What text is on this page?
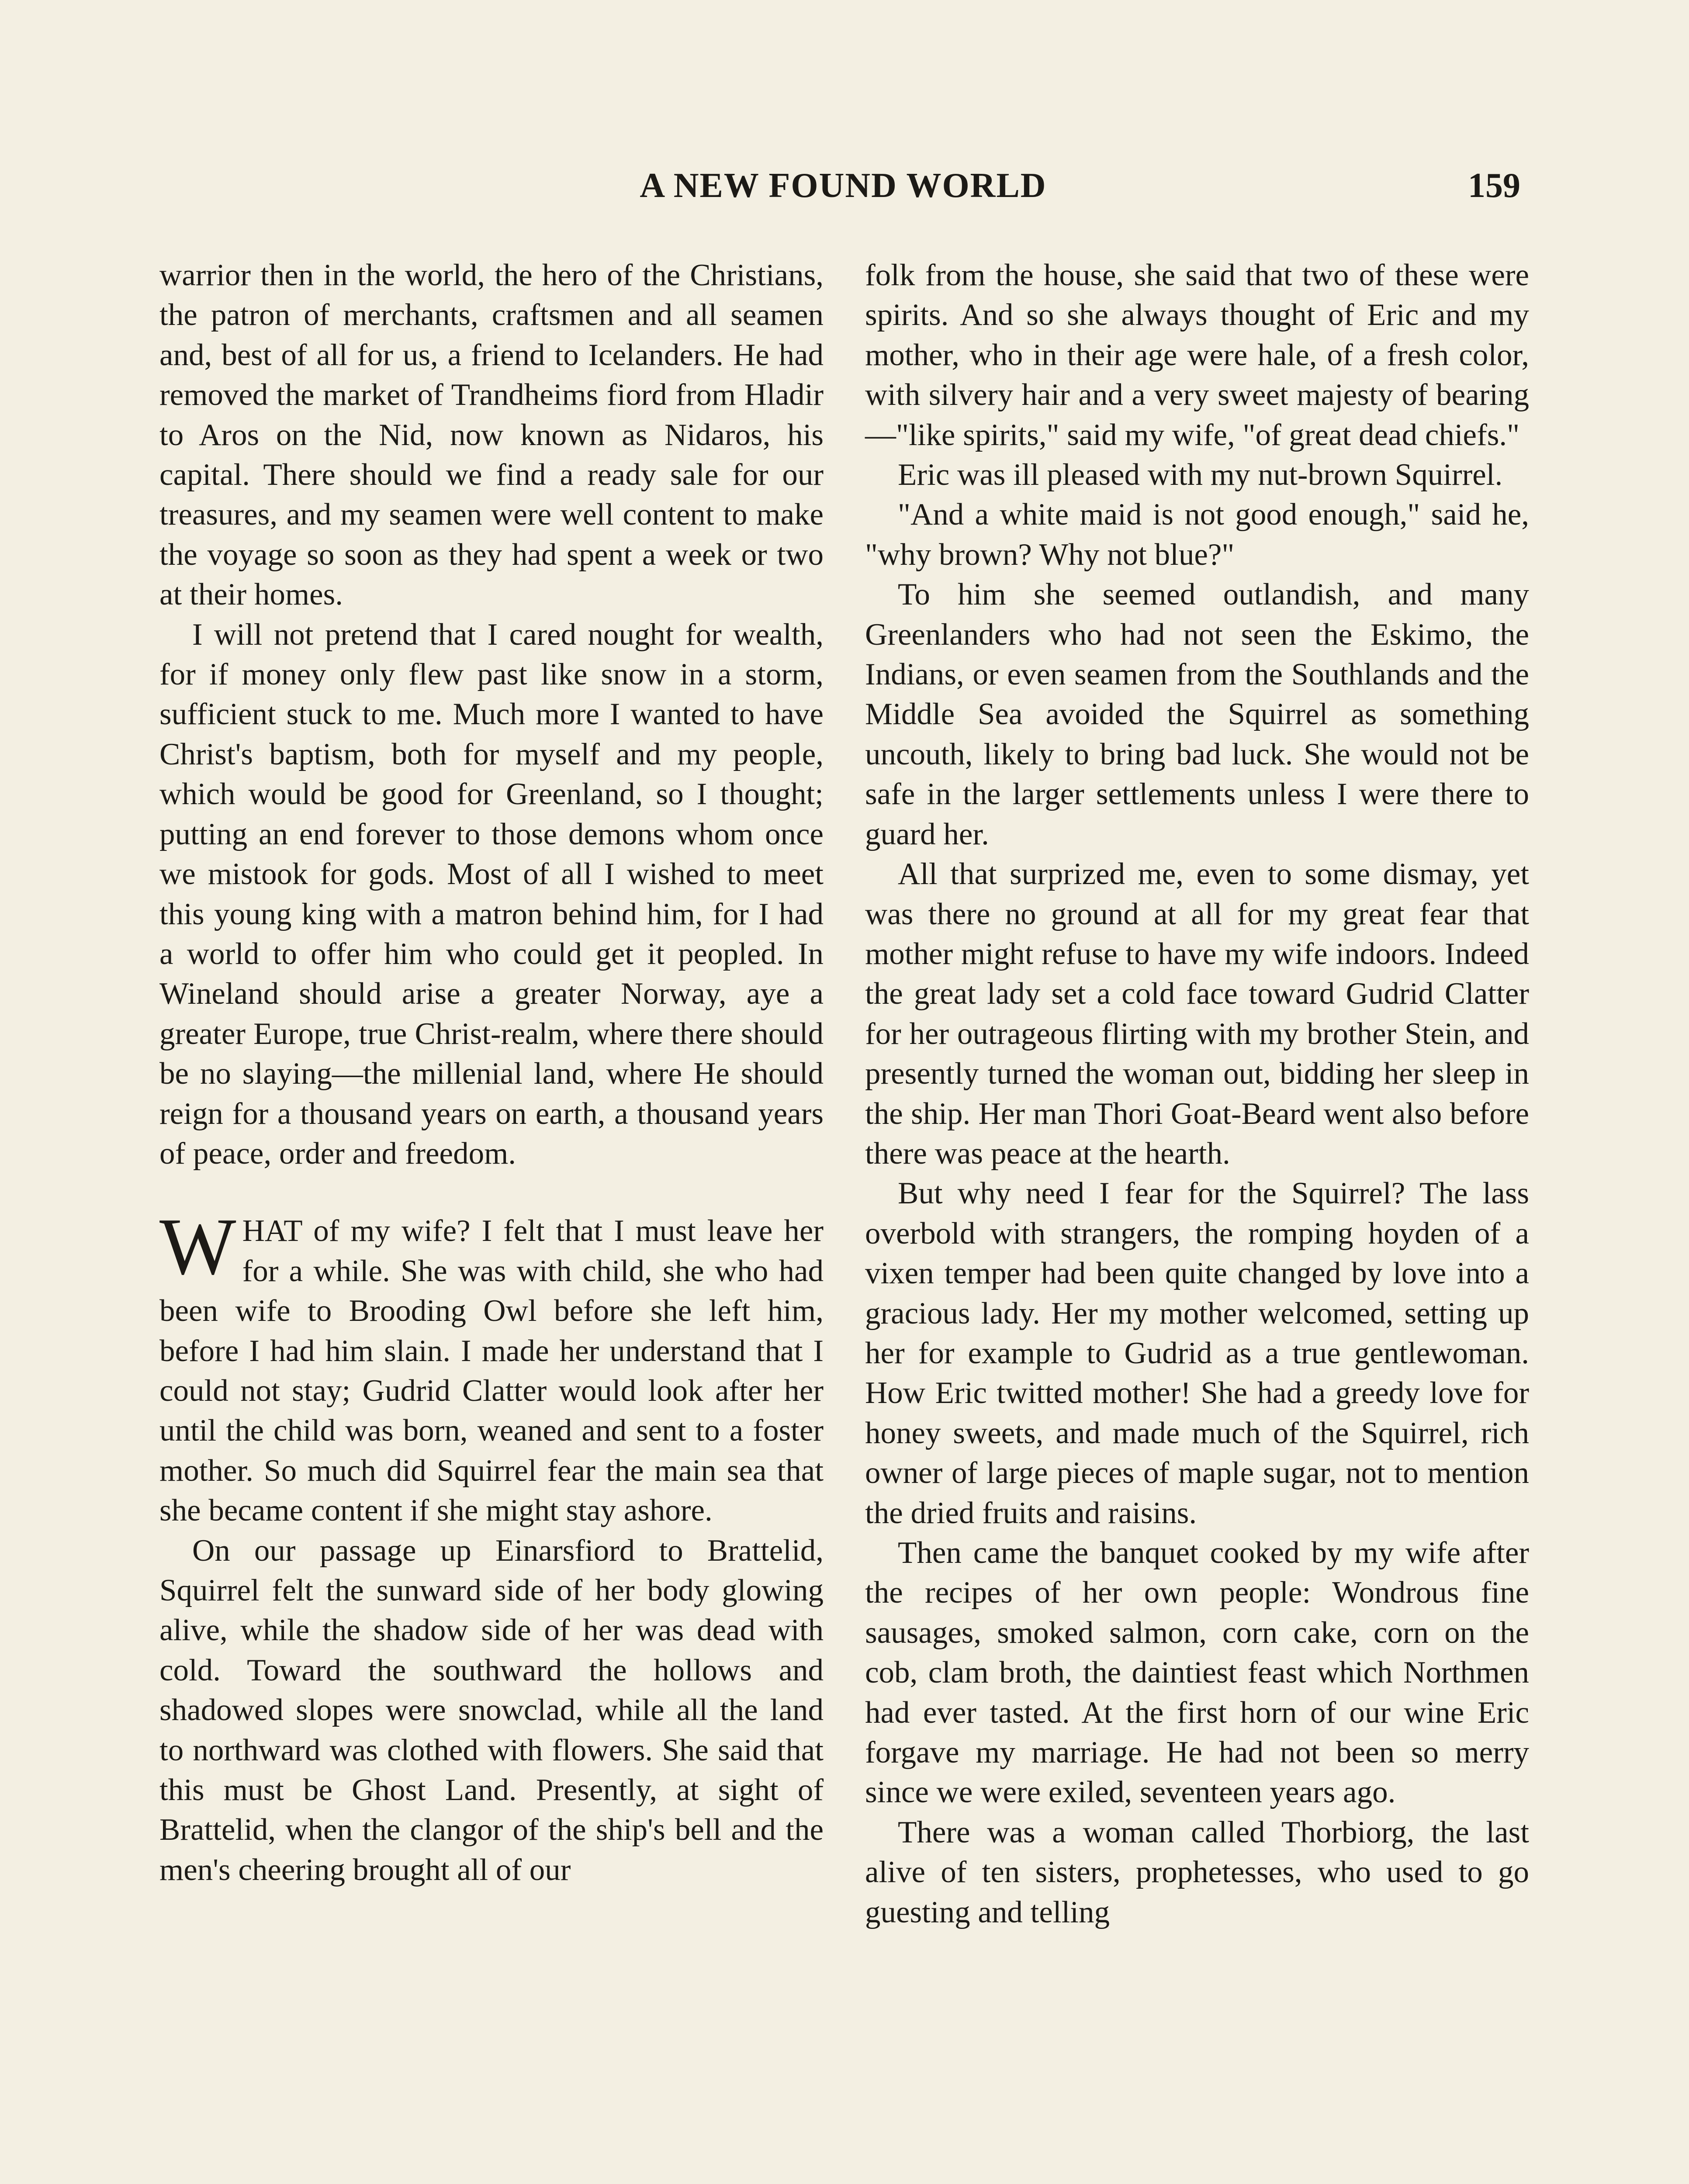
A NEW FOUND WORLD	159

warrior then in the world, the hero of the Christians, the patron of merchants, craftsmen and all seamen and, best of all for us, a friend to Icelanders. He had removed the market of Trandheims fiord from Hladir to Aros on the Nid, now known as Nidaros, his capital. There should we find a ready sale for our treasures, and my seamen were well content to make the voyage so soon as they had spent a week or two at their homes.

I will not pretend that I cared nought for wealth, for if money only flew past like snow in a storm, sufficient stuck to me. Much more I wanted to have Christ's baptism, both for myself and my people, which would be good for Greenland, so I thought; putting an end forever to those demons whom once we mistook for gods. Most of all I wished to meet this young king with a matron behind him, for I had a world to offer him who could get it peopled. In Wineland should arise a greater Norway, aye a greater Europe, true Christ-realm, where there should be no slaying—the millenial land, where He should reign for a thousand years on earth, a thousand years of peace, order and freedom.

WHAT of my wife? I felt that I must leave her for a while. She was with child, she who had been wife to Brooding Owl before she left him, before I had him slain. I made her understand that I could not stay; Gudrid Clatter would look after her until the child was born, weaned and sent to a foster mother. So much did Squirrel fear the main sea that she became content if she might stay ashore.

On our passage up Einarsfiord to Brattelid, Squirrel felt the sunward side of her body glowing alive, while the shadow side of her was dead with cold. Toward the southward the hollows and shadowed slopes were snowclad, while all the land to northward was clothed with flowers. She said that this must be Ghost Land. Presently, at sight of Brattelid, when the clangor of the ship's bell and the men's cheering brought all of our

folk from the house, she said that two of these were spirits. And so she always thought of Eric and my mother, who in their age were hale, of a fresh color, with silvery hair and a very sweet majesty of bearing—"like spirits," said my wife, "of great dead chiefs."

Eric was ill pleased with my nut-brown Squirrel.

"And a white maid is not good enough," said he, "why brown? Why not blue?"

To him she seemed outlandish, and many Greenlanders who had not seen the Eskimo, the Indians, or even seamen from the Southlands and the Middle Sea avoided the Squirrel as something uncouth, likely to bring bad luck. She would not be safe in the larger settlements unless I were there to guard her.

All that surprized me, even to some dismay, yet was there no ground at all for my great fear that mother might refuse to have my wife indoors. Indeed the great lady set a cold face toward Gudrid Clatter for her outrageous flirting with my brother Stein, and presently turned the woman out, bidding her sleep in the ship. Her man Thori Goat-Beard went also before there was peace at the hearth.

But why need I fear for the Squirrel? The lass overbold with strangers, the romping hoyden of a vixen temper had been quite changed by love into a gracious lady. Her my mother welcomed, setting up her for example to Gudrid as a true gentlewoman. How Eric twitted mother! She had a greedy love for honey sweets, and made much of the Squirrel, rich owner of large pieces of maple sugar, not to mention the dried fruits and raisins.

Then came the banquet cooked by my wife after the recipes of her own people: Wondrous fine sausages, smoked salmon, corn cake, corn on the cob, clam broth, the daintiest feast which Northmen had ever tasted. At the first horn of our wine Eric forgave my marriage. He had not been so merry since we were exiled, seventeen years ago.

There was a woman called Thorbiorg, the last alive of ten sisters, prophetesses, who used to go guesting and telling
